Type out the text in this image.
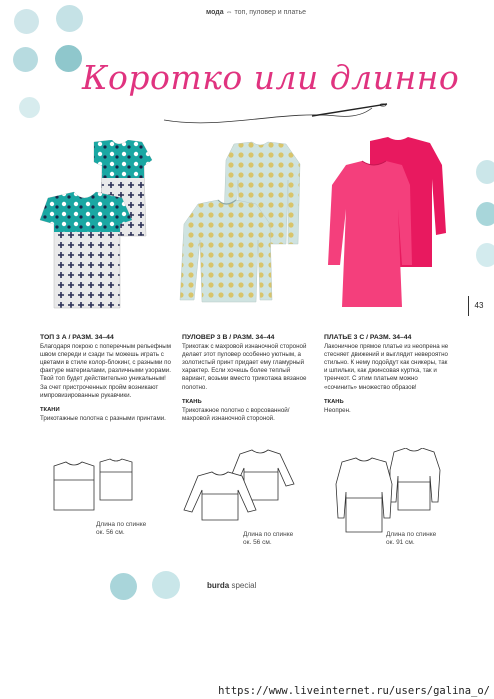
мода ⇔ топ, пуловер и платье
Коротко или длинно
43
ТОП 3 А / РАЗМ. 34–44

Благодаря покрою с поперечным рельефным швом спереди и сзади ты можешь играть с цветами в стиле колор-блокинг, с разными по фактуре материалами, различными узорами. Твой топ будет действительно уникальным! За счет пристроченных пройм возникают импровизированные рукавчики.

ТКАНИ

Трикотажные полотна с разными принтами.

ПУЛОВЕР 3 В / РАЗМ. 34–44

Трикотаж с махровой изнаночной стороной делает этот пуловер особенно уютным, а золотистый принт придает ему гламурный характер. Если хочешь более теплый вариант, возьми вместо трикотажа вязаное полотно.

ТКАНЬ

Трикотажное полотно с ворсованной/махровой изнаночной стороной.

ПЛАТЬЕ 3 С / РАЗМ. 34–44

Лаконичное прямое платье из неопрена не стесняет движений и выглядит невероятно стильно. К нему подойдут как сникеры, так и шпильки, как джинсовая куртка, так и тренчкот. С этим платьем можно «сочинить» множество образов!

ТКАНЬ

Неопрен.

Длина по спинке
ок. 56 см.	Длина по спинке
ок. 56 см.
Длина по спинке
ок. 91 см.
burda special
https://www.liveinternet.ru/users/galina_o/
